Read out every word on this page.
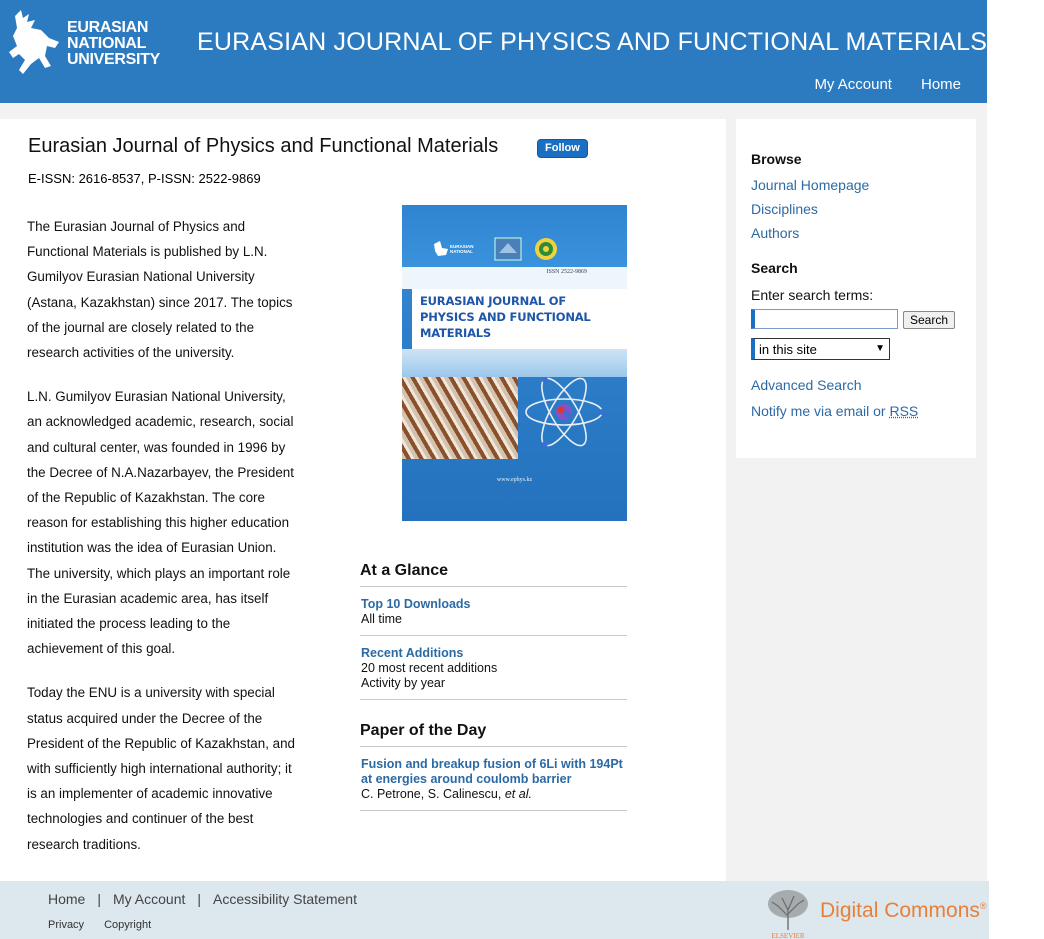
EURASIAN
NATIONAL
UNIVERSITY
EURASIAN JOURNAL OF PHYSICS AND FUNCTIONAL MATERIALS
My Account Home
Eurasian Journal of Physics and Functional Materials	Follow
E-ISSN: 2616-8537, P-ISSN: 2522-9869

The Eurasian Journal of Physics and Functional Materials is published by L.N. Gumilyov Eurasian National University (Astana, Kazakhstan) since 2017. The topics of the journal are closely related to the research activities of the university.

L.N. Gumilyov Eurasian National University, an acknowledged academic, research, social and cultural center, was founded in 1996 by the Decree of N.A.Nazarbayev, the President of the Republic of Kazakhstan. The core reason for establishing this higher education institution was the idea of Eurasian Union. The university, which plays an important role in the Eurasian academic area, has itself initiated the process leading to the achievement of this goal.

Today the ENU is a university with special status acquired under the Decree of the President of the Republic of Kazakhstan, and with sufficiently high international authority; it is an implementer of academic innovative technologies and continuer of the best research traditions.

EURASIAN
NATIONAL
ISSN 2522-9869
EURASIAN JOURNAL OF PHYSICS AND FUNCTIONAL MATERIALS
www.ephys.kz
At a Glance
Top 10 Downloads
All time
Recent Additions
20 most recent additions
Activity by year
Paper of the Day
Fusion and breakup fusion of 6Li with 194Pt at energies around coulomb barrier
C. Petrone, S. Calinescu, et al.
Browse
Journal Homepage
Disciplines
Authors
Search
Enter search terms:
Search
in this site	▼
Advanced Search
Notify me via email or RSS
Home | My Account | Accessibility Statement
Privacy Copyright
ELSEVIER
Digital Commons®
